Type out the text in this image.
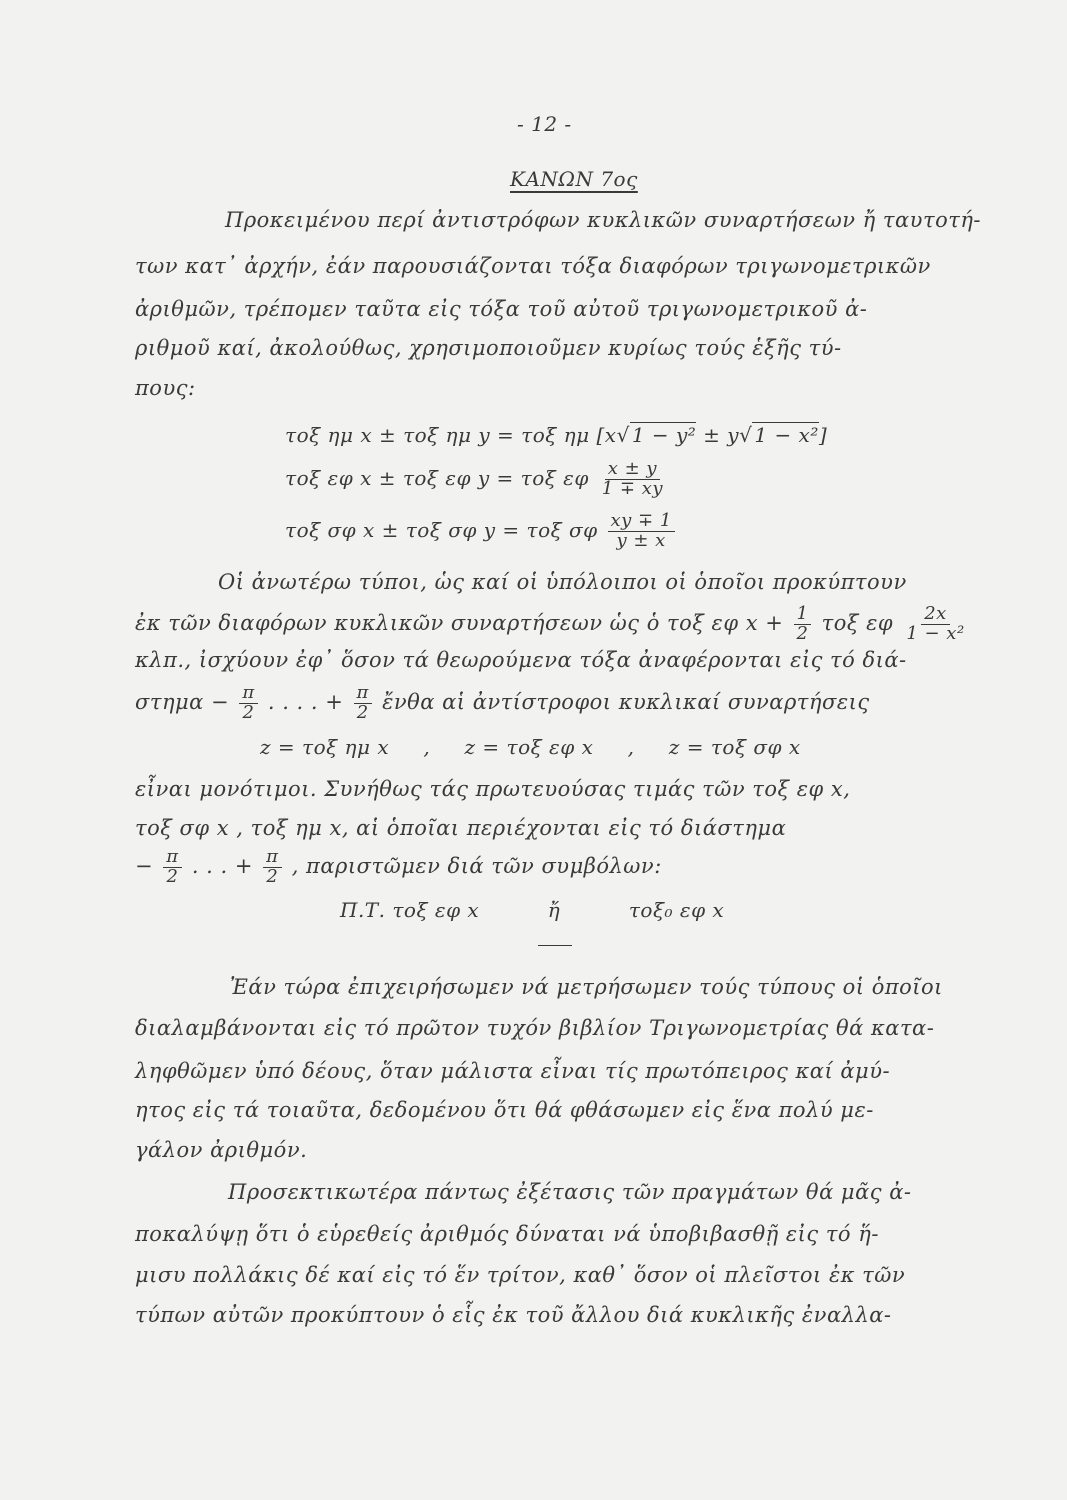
- 12 -
ΚΑΝΩΝ 7ος
Προκειμένου περί ἀντιστρόφων κυκλικῶν συναρτήσεων ἤ ταυτοτή-
των κατ᾽ ἀρχήν, ἐάν παρουσιάζονται τόξα διαφόρων τριγωνομετρικῶν
ἀριθμῶν, τρέπομεν ταῦτα εἰς τόξα τοῦ αὐτοῦ τριγωνομετρικοῦ ἀ-
ριθμοῦ καί, ἀκολούθως, χρησιμοποιοῦμεν κυρίως τούς ἑξῆς τύ-
πους:
τοξ ημ x ± τοξ ημ y = τοξ ημ [x√ 1 − y² ± y√ 1 − x²]
τοξ εφ x ± τοξ εφ y = τοξ εφ $\frac{x \pm y}{1 \mp xy}$
τοξ σφ x ± τοξ σφ y = τοξ σφ $\frac{xy \mp 1}{y \pm x}$
Οἱ ἀνωτέρω τύποι, ὡς καί οἱ ὑπόλοιποι οἱ ὁποῖοι προκύπτουν
ἐκ τῶν διαφόρων κυκλικῶν συναρτήσεων ὡς ὁ τοξ εφ $x + \frac{1}{2}$ τοξ εφ $\frac{2x}{\text{1 − x²}}$
κλπ., ἰσχύουν ἐφ᾽ ὅσον τά θεωρούμενα τόξα ἀναφέρονται εἰς τό διά-
$\sigma\tau\eta\mu\alpha - \frac{\pi}{2}$ . . . . + $\frac{\pi}{2}$ ἔνθα αἱ ἀντίστροφοι κυκλικαί συναρτήσεις
z = τοξ ημ x     ,     z = τοξ εφ x     ,     z = τοξ σφ x
εἶναι μονότιμοι. Συνήθως τάς πρωτευούσας τιμάς τῶν τοξ εφ x,
τοξ σφ x , τοξ ημ x, αἱ ὁποῖαι περιέχονται εἰς τό διάστημα
− $\frac{\pi}{2}$ . . . + $\frac{\pi}{2}$ , παριστῶμεν διά τῶν συμβόλων:
Π.Τ. τοξ εφ x          ἤ          τοξ₀ εφ x
Ἐάν τώρα ἐπιχειρήσωμεν νά μετρήσωμεν τούς τύπους οἱ ὁποῖοι
διαλαμβάνονται εἰς τό πρῶτον τυχόν βιβλίον Τριγωνομετρίας θά κατα-
ληφθῶμεν ὑπό δέους, ὅταν μάλιστα εἶναι τίς πρωτόπειρος καί ἀμύ-
ητος εἰς τά τοιαῦτα, δεδομένου ὅτι θά φθάσωμεν εἰς ἕνα πολύ με-
γάλον ἀριθμόν.
Προσεκτικωτέρα πάντως ἐξέτασις τῶν πραγμάτων θά μᾶς ἀ-
ποκαλύψῃ ὅτι ὁ εὑρεθείς ἀριθμός δύναται νά ὑποβιβασθῇ εἰς τό ἥ-
μισυ πολλάκις δέ καί εἰς τό ἕν τρίτον, καθ᾽ ὅσον οἱ πλεῖστοι ἐκ τῶν
τύπων αὐτῶν προκύπτουν ὁ εἷς ἐκ τοῦ ἄλλου διά κυκλικῆς ἐναλλα-
